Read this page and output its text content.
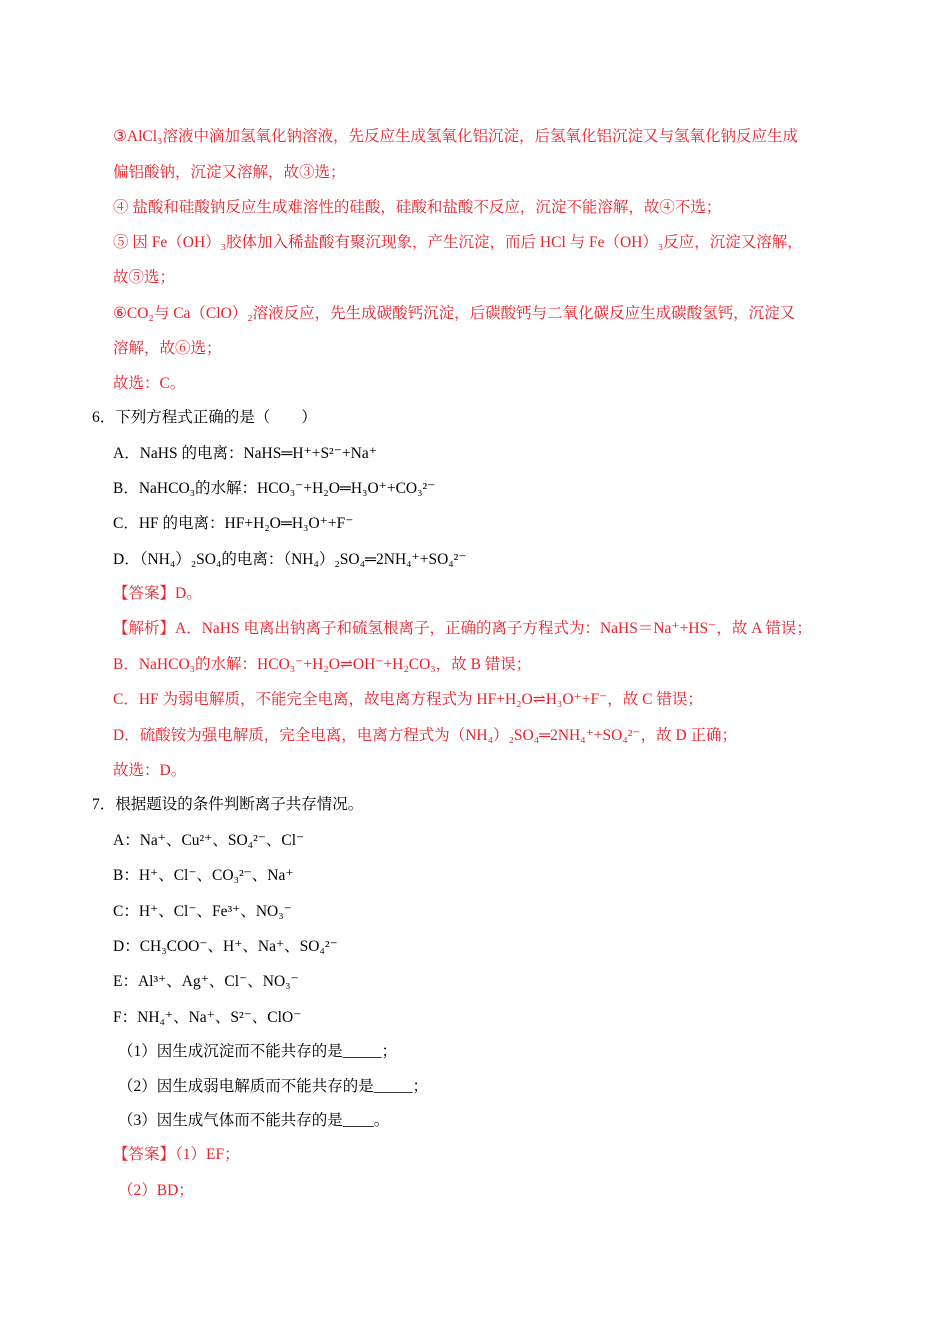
③AlCl₃溶液中滴加氢氧化钠溶液，先反应生成氢氧化铝沉淀，后氢氧化铝沉淀又与氢氧化钠反应生成
偏铝酸钠，沉淀又溶解，故③选；
④ 盐酸和硅酸钠反应生成难溶性的硅酸，硅酸和盐酸不反应，沉淀不能溶解，故④不选；
⑤ 因 Fe（OH）₃胶体加入稀盐酸有聚沉现象，产生沉淀，而后 HCl 与 Fe（OH）₃反应，沉淀又溶解，
故⑤选；
⑥CO₂与 Ca（ClO）₂溶液反应，先生成碳酸钙沉淀，后碳酸钙与二氧化碳反应生成碳酸氢钙，沉淀又
溶解，故⑥选；
故选：C。
6．下列方程式正确的是（　　）
A．NaHS 的电离：NaHS═H⁺+S²⁻+Na⁺
B．NaHCO₃的水解：HCO₃⁻+H₂O═H₃O⁺+CO₃²⁻
C．HF 的电离：HF+H₂O═H₃O⁺+F⁻
D．（NH₄）₂SO₄的电离：（NH₄）₂SO₄═2NH₄⁺+SO₄²⁻
【答案】D。
【解析】A．NaHS 电离出钠离子和硫氢根离子，正确的离子方程式为：NaHS＝Na⁺+HS⁻，故 A 错误；
B．NaHCO₃的水解：HCO₃⁻+H₂O⇌OH⁻+H₂CO₃，故 B 错误；
C．HF 为弱电解质，不能完全电离，故电离方程式为 HF+H₂O⇌H₃O⁺+F⁻，故 C 错误；
D．硫酸铵为强电解质，完全电离，电离方程式为（NH₄）₂SO₄═2NH₄⁺+SO₄²⁻，故 D 正确；
故选：D。
7．根据题设的条件判断离子共存情况。
A：Na⁺、Cu²⁺、SO₄²⁻、Cl⁻
B：H⁺、Cl⁻、CO₃²⁻、Na⁺
C：H⁺、Cl⁻、Fe³⁺、NO₃⁻
D：CH₃COO⁻、H⁺、Na⁺、SO₄²⁻
E：Al³⁺、Ag⁺、Cl⁻、NO₃⁻
F：NH₄⁺、Na⁺、S²⁻、ClO⁻
（1）因生成沉淀而不能共存的是_____；
（2）因生成弱电解质而不能共存的是_____；
（3）因生成气体而不能共存的是____。
【答案】（1）EF；
（2）BD；
